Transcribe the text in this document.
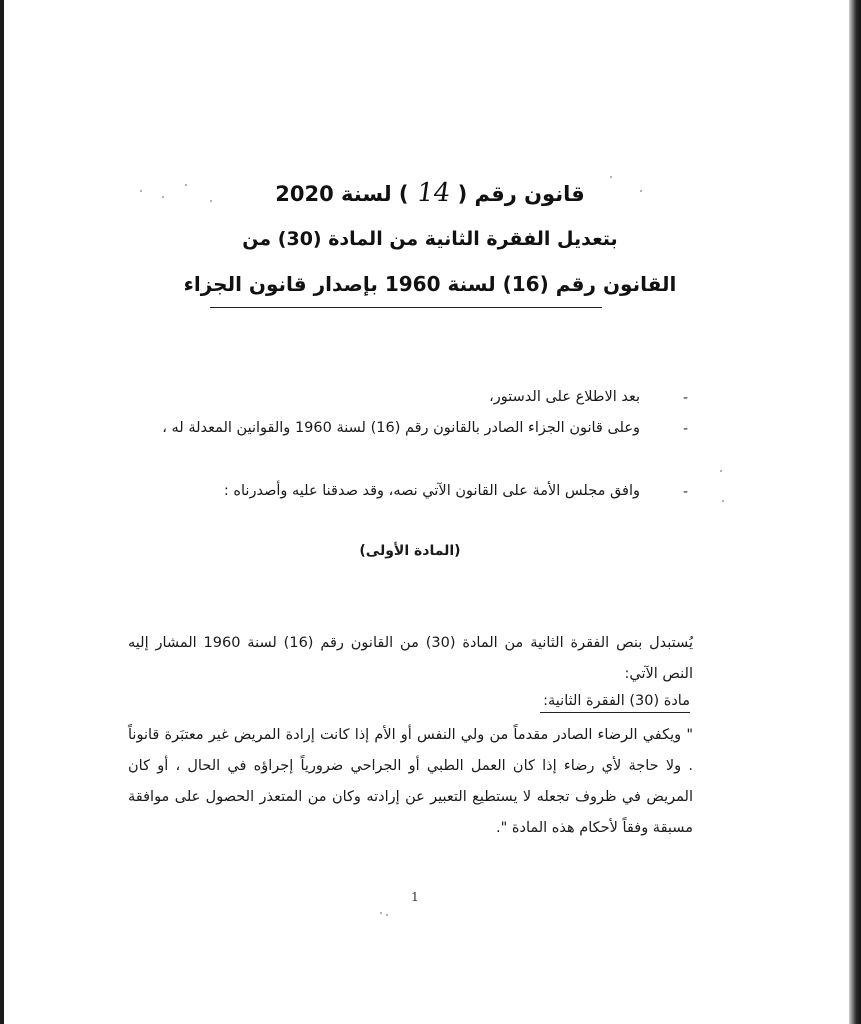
قانون رقم (14) لسنة 2020
بتعديل الفقرة الثانية من المادة (30) من
القانون رقم (16) لسنة 1960 بإصدار قانون الجزاء
-
بعد الاطلاع على الدستور،
-
وعلى قانون الجزاء الصادر بالقانون رقم (16) لسنة 1960 والقوانين المعدلة له ،
-
وافق مجلس الأمة على القانون الآتي نصه، وقد صدقنا عليه وأصدرناه :
(المادة الأولى)
يُستبدل بنص الفقرة الثانية من المادة (30) من القانون رقم (16) لسنة 1960 المشار إليه النص الآتي:
مادة (30) الفقرة الثانية:
" ويكفي الرضاء الصادر مقدماً من ولي النفس أو الأم إذا كانت إرادة المريض غير معتبَرة قانوناً . ولا حاجة لأي رضاء إذا كان العمل الطبي أو الجراحي ضرورياً إجراؤه في الحال ، أو كان المريض في ظروف تجعله لا يستطيع التعبير عن إرادته وكان من المتعذر الحصول على موافقة مسبقة وفقاً لأحكام هذه المادة ".
1
